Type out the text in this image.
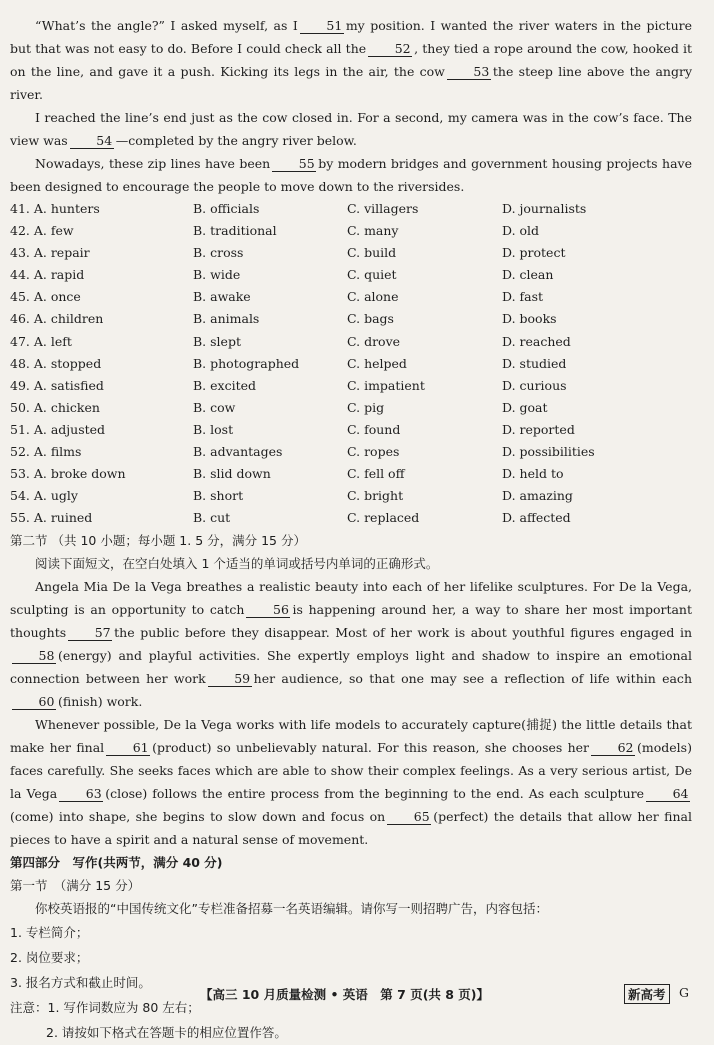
“What’s the angle?” I asked myself, as I 51 my position. I wanted the river waters in the picture but that was not easy to do. Before I could check all the 52 , they tied a rope around the cow, hooked it on the line, and gave it a push. Kicking its legs in the air, the cow 53 the steep line above the angry river.

I reached the line’s end just as the cow closed in. For a second, my camera was in the cow’s face. The view was 54 —completed by the angry river below.

Nowadays, these zip lines have been 55 by modern bridges and government housing projects have been designed to encourage the people to move down to the riversides.

41. A. hunters	B. officials	C. villagers	D. journalists
42. A. few	B. traditional	C. many	D. old
43. A. repair	B. cross	C. build	D. protect
44. A. rapid	B. wide	C. quiet	D. clean
45. A. once	B. awake	C. alone	D. fast
46. A. children	B. animals	C. bags	D. books
47. A. left	B. slept	C. drove	D. reached
48. A. stopped	B. photographed	C. helped	D. studied
49. A. satisfied	B. excited	C. impatient	D. curious
50. A. chicken	B. cow	C. pig	D. goat
51. A. adjusted	B. lost	C. found	D. reported
52. A. films	B. advantages	C. ropes	D. possibilities
53. A. broke down	B. slid down	C. fell off	D. held to
54. A. ugly	B. short	C. bright	D. amazing
55. A. ruined	B. cut	C. replaced	D. affected

第二节 （共 10 小题；每小题 1. 5 分，满分 15 分）

阅读下面短文，在空白处填入 1 个适当的单词或括号内单词的正确形式。

Angela Mia De la Vega breathes a realistic beauty into each of her lifelike sculptures. For De la Vega, sculpting is an opportunity to catch 56 is happening around her, a way to share her most important thoughts 57 the public before they disappear. Most of her work is about youthful figures engaged in58 (energy) and playful activities. She expertly employs light and shadow to inspire an emotional connection between her work 59 her audience, so that one may see a reflection of life within each60 (finish) work.

Whenever possible, De la Vega works with life models to accurately capture(捕捉) the little details that make her final 61 (product) so unbelievably natural. For this reason, she chooses her 62 (models) faces carefully. She seeks faces which are able to show their complex feelings. As a very serious artist, De la Vega 63 (close) follows the entire process from the beginning to the end. As each sculpture 64(come) into shape, she begins to slow down and focus on 65 (perfect) the details that allow her final pieces to have a spirit and a natural sense of movement.

第四部分　写作(共两节，满分 40 分)

第一节　（满分 15 分）

你校英语报的“中国传统文化”专栏准备招募一名英语编辑。请你写一则招聘广告，内容包括：

1. 专栏简介；

2. 岗位要求；

3. 报名方式和截止时间。

注意：1. 写作词数应为 80 左右；

2. 请按如下格式在答题卡的相应位置作答。

【高三 10 月质量检测 • 英语　第 7 页(共 8 页)】	新高考	G
